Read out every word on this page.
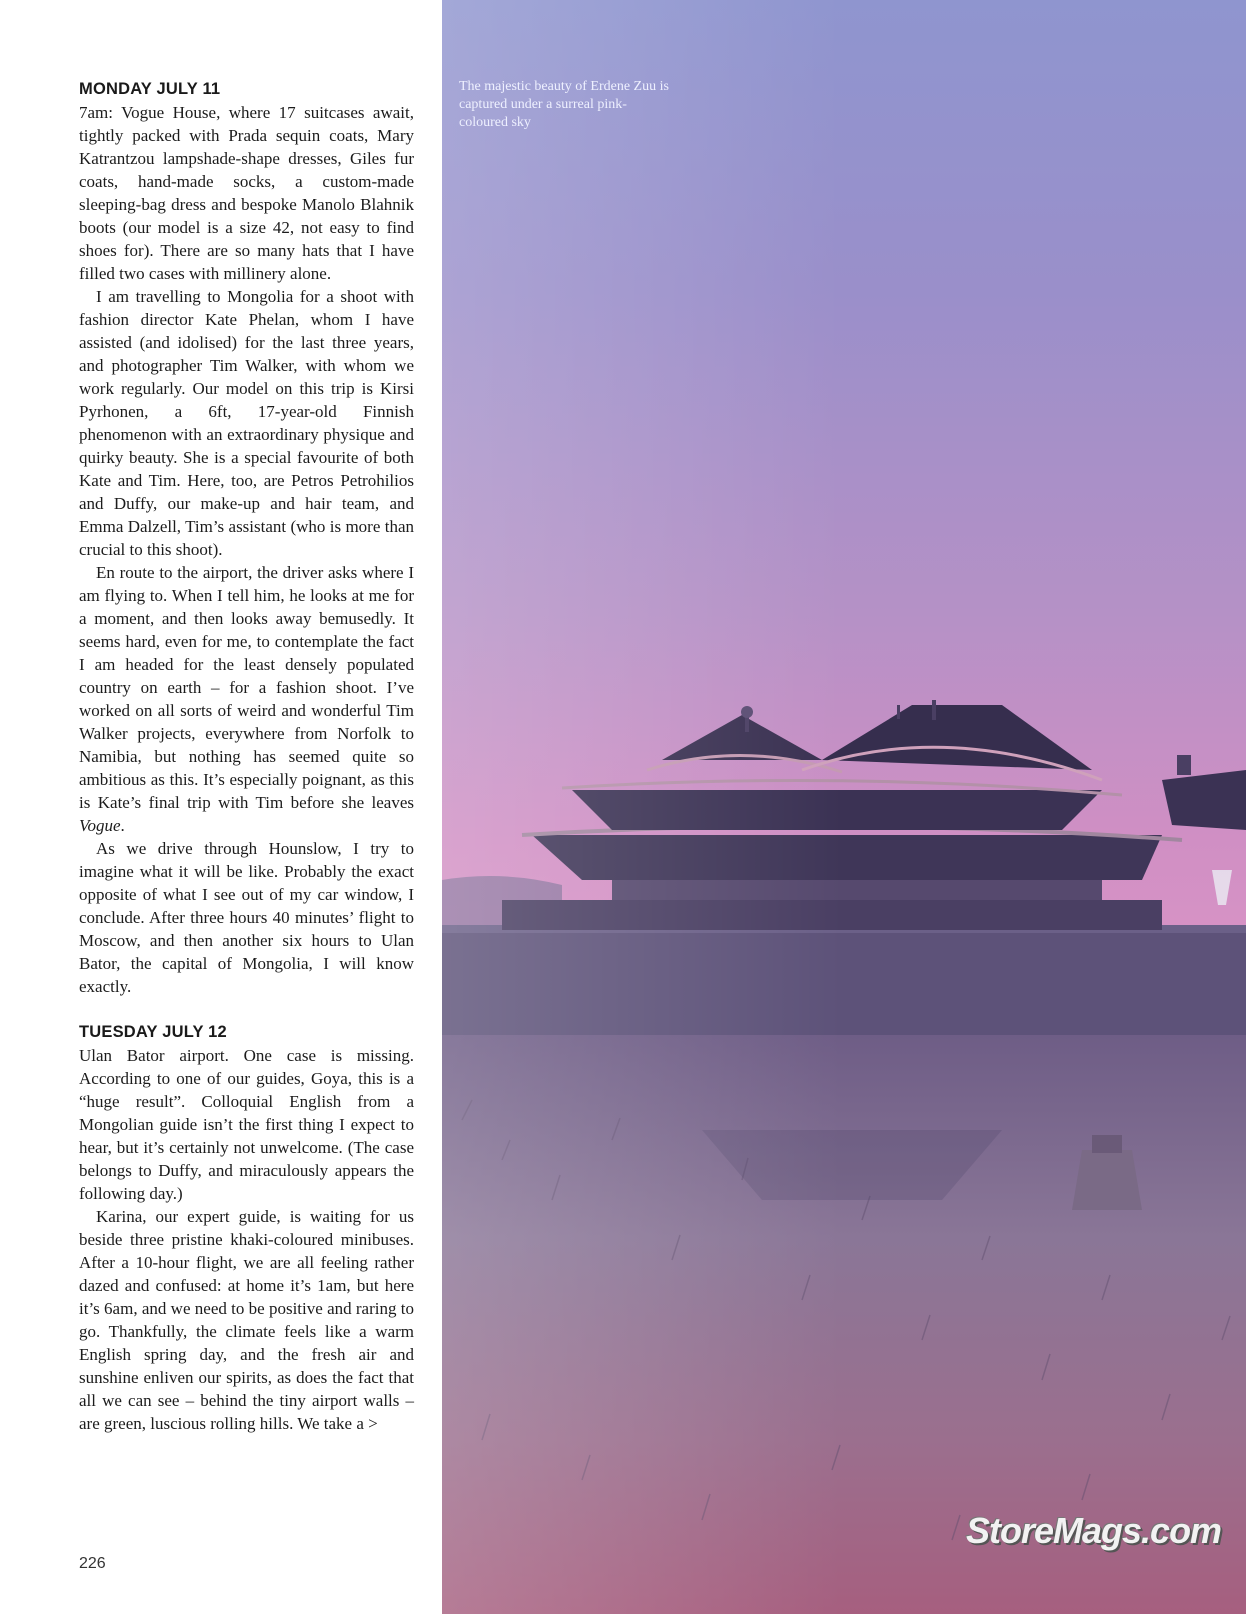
MONDAY JULY 11

7am: Vogue House, where 17 suitcases await, tightly packed with Prada sequin coats, Mary Katrantzou lampshade-shape dresses, Giles fur coats, hand-made socks, a custom-made sleeping-bag dress and bespoke Manolo Blahnik boots (our model is a size 42, not easy to find shoes for). There are so many hats that I have filled two cases with millinery alone.

I am travelling to Mongolia for a shoot with fashion director Kate Phelan, whom I have assisted (and idolised) for the last three years, and photographer Tim Walker, with whom we work regularly. Our model on this trip is Kirsi Pyrhonen, a 6ft, 17-year-old Finnish phenomenon with an extraordinary physique and quirky beauty. She is a special favourite of both Kate and Tim. Here, too, are Petros Petrohilios and Duffy, our make-up and hair team, and Emma Dalzell, Tim’s assistant (who is more than crucial to this shoot).

En route to the airport, the driver asks where I am flying to. When I tell him, he looks at me for a moment, and then looks away bemusedly. It seems hard, even for me, to contemplate the fact I am headed for the least densely populated country on earth – for a fashion shoot. I’ve worked on all sorts of weird and wonderful Tim Walker projects, everywhere from Norfolk to Namibia, but nothing has seemed quite so ambitious as this. It’s especially poignant, as this is Kate’s final trip with Tim before she leaves Vogue.

As we drive through Hounslow, I try to imagine what it will be like. Probably the exact opposite of what I see out of my car window, I conclude. After three hours 40 minutes’ flight to Moscow, and then another six hours to Ulan Bator, the capital of Mongolia, I will know exactly.

TUESDAY JULY 12

Ulan Bator airport. One case is missing. According to one of our guides, Goya, this is a “huge result”. Colloquial English from a Mongolian guide isn’t the first thing I expect to hear, but it’s certainly not unwelcome. (The case belongs to Duffy, and miraculously appears the following day.)

Karina, our expert guide, is waiting for us beside three pristine khaki-coloured minibuses. After a 10-hour flight, we are all feeling rather dazed and confused: at home it’s 1am, but here it’s 6am, and we need to be positive and raring to go. Thankfully, the climate feels like a warm English spring day, and the fresh air and sunshine enliven our spirits, as does the fact that all we can see – behind the tiny airport walls – are green, luscious rolling hills. We take a >

226

The majestic beauty of Erdene Zuu is captured under a surreal pink-coloured sky

StoreMags.com
